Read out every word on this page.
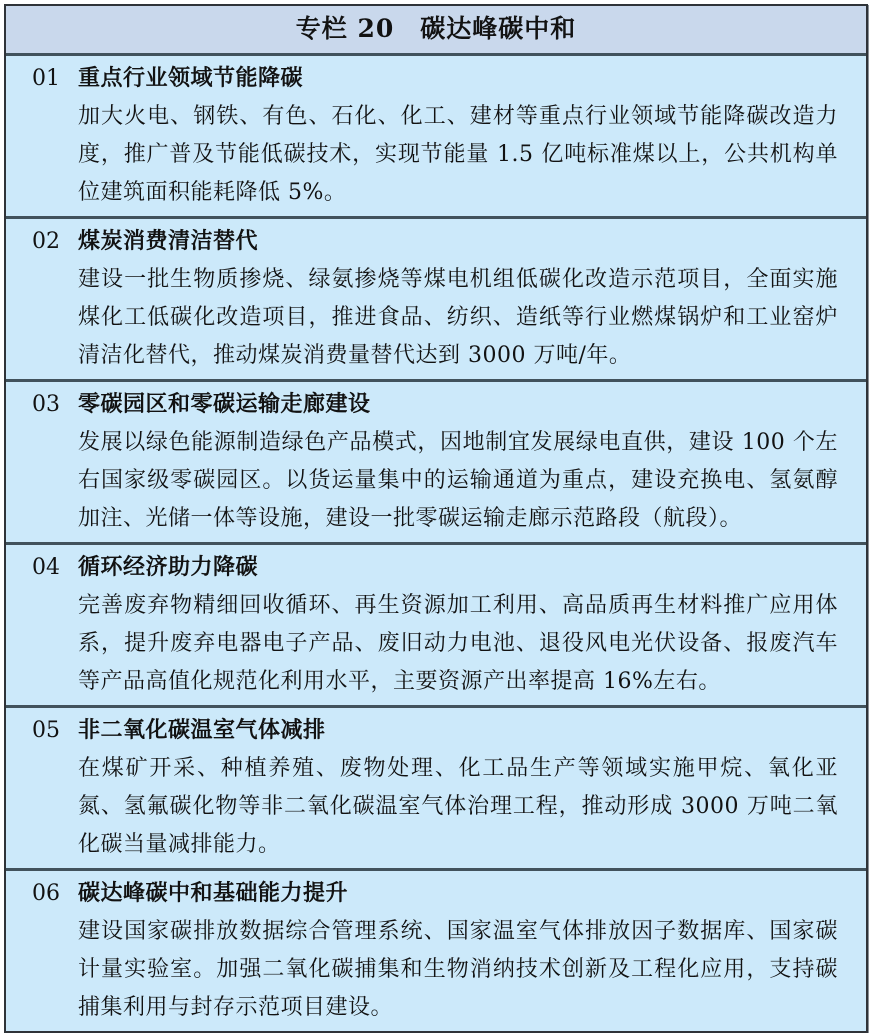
专栏 20　碳达峰碳中和
01 重点行业领域节能降碳

加大火电、钢铁、有色、石化、化工、建材等重点行业领域节能降碳改造力度，推广普及节能低碳技术，实现节能量 1.5 亿吨标准煤以上，公共机构单位建筑面积能耗降低 5%。

02 煤炭消费清洁替代

建设一批生物质掺烧、绿氨掺烧等煤电机组低碳化改造示范项目，全面实施煤化工低碳化改造项目，推进食品、纺织、造纸等行业燃煤锅炉和工业窑炉清洁化替代，推动煤炭消费量替代达到 3000 万吨/年。

03 零碳园区和零碳运输走廊建设

发展以绿色能源制造绿色产品模式，因地制宜发展绿电直供，建设 100 个左右国家级零碳园区。以货运量集中的运输通道为重点，建设充换电、氢氨醇加注、光储一体等设施，建设一批零碳运输走廊示范路段（航段）。

04 循环经济助力降碳

完善废弃物精细回收循环、再生资源加工利用、高品质再生材料推广应用体系，提升废弃电器电子产品、废旧动力电池、退役风电光伏设备、报废汽车等产品高值化规范化利用水平，主要资源产出率提高 16%左右。

05 非二氧化碳温室气体减排

在煤矿开采、种植养殖、废物处理、化工品生产等领域实施甲烷、氧化亚氮、氢氟碳化物等非二氧化碳温室气体治理工程，推动形成 3000 万吨二氧化碳当量减排能力。

06 碳达峰碳中和基础能力提升

建设国家碳排放数据综合管理系统、国家温室气体排放因子数据库、国家碳计量实验室。加强二氧化碳捕集和生物消纳技术创新及工程化应用，支持碳捕集利用与封存示范项目建设。
